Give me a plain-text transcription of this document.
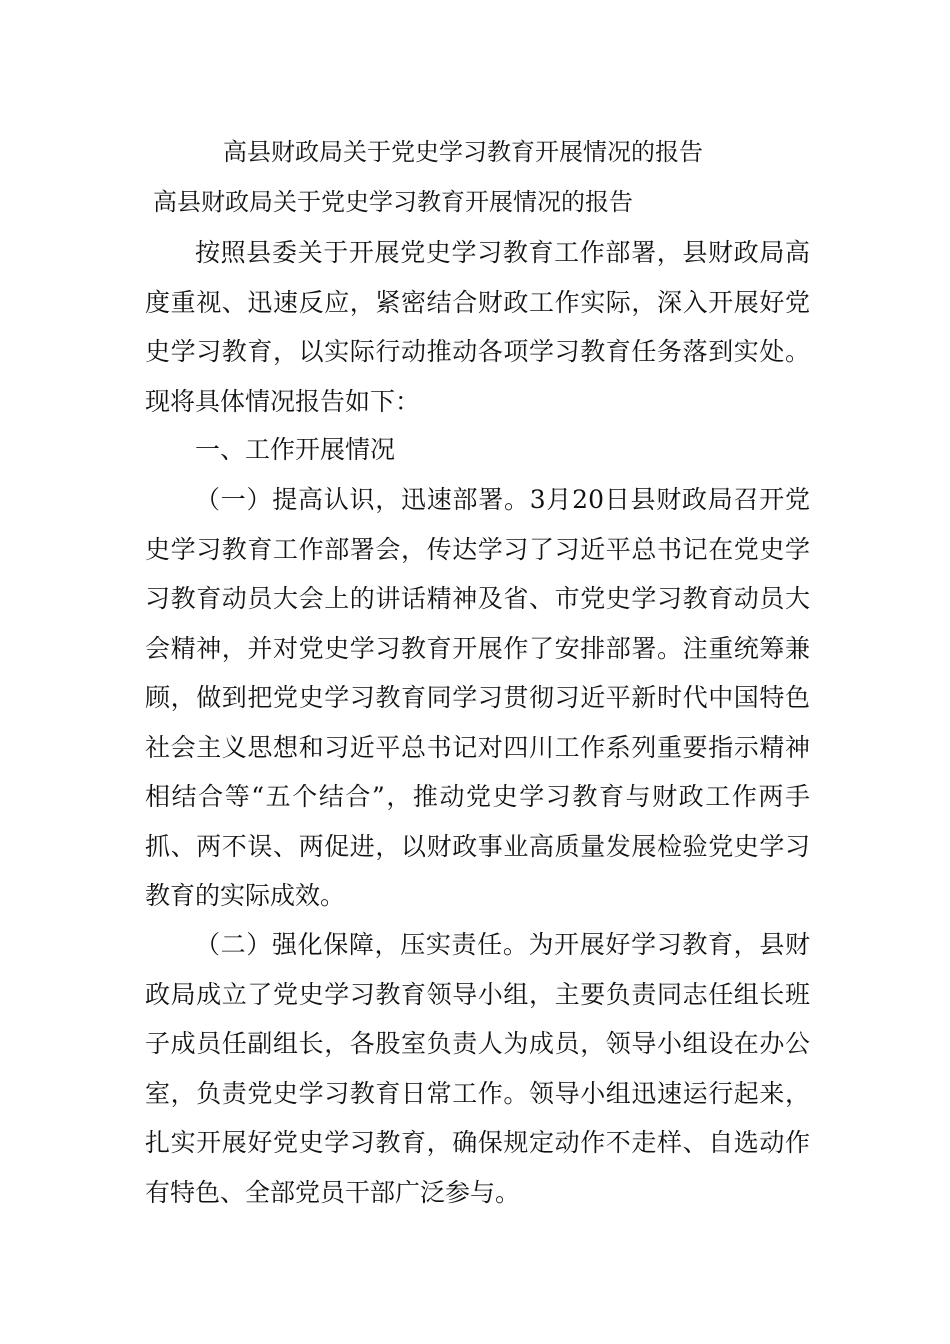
高县财政局关于党史学习教育开展情况的报告
高县财政局关于党史学习教育开展情况的报告

按照县委关于开展党史学习教育工作部署，县财政局高度重视、迅速反应，紧密结合财政工作实际，深入开展好党史学习教育，以实际行动推动各项学习教育任务落到实处。现将具体情况报告如下：

一、工作开展情况

（一）提高认识，迅速部署。3月20日县财政局召开党史学习教育工作部署会，传达学习了习近平总书记在党史学习教育动员大会上的讲话精神及省、市党史学习教育动员大会精神，并对党史学习教育开展作了安排部署。注重统筹兼顾，做到把党史学习教育同学习贯彻习近平新时代中国特色社会主义思想和习近平总书记对四川工作系列重要指示精神相结合等“五个结合”，推动党史学习教育与财政工作两手抓、两不误、两促进，以财政事业高质量发展检验党史学习教育的实际成效。

（二）强化保障，压实责任。为开展好学习教育，县财政局成立了党史学习教育领导小组，主要负责同志任组长班子成员任副组长，各股室负责人为成员，领导小组设在办公室，负责党史学习教育日常工作。领导小组迅速运行起来，扎实开展好党史学习教育，确保规定动作不走样、自选动作有特色、全部党员干部广泛参与。
